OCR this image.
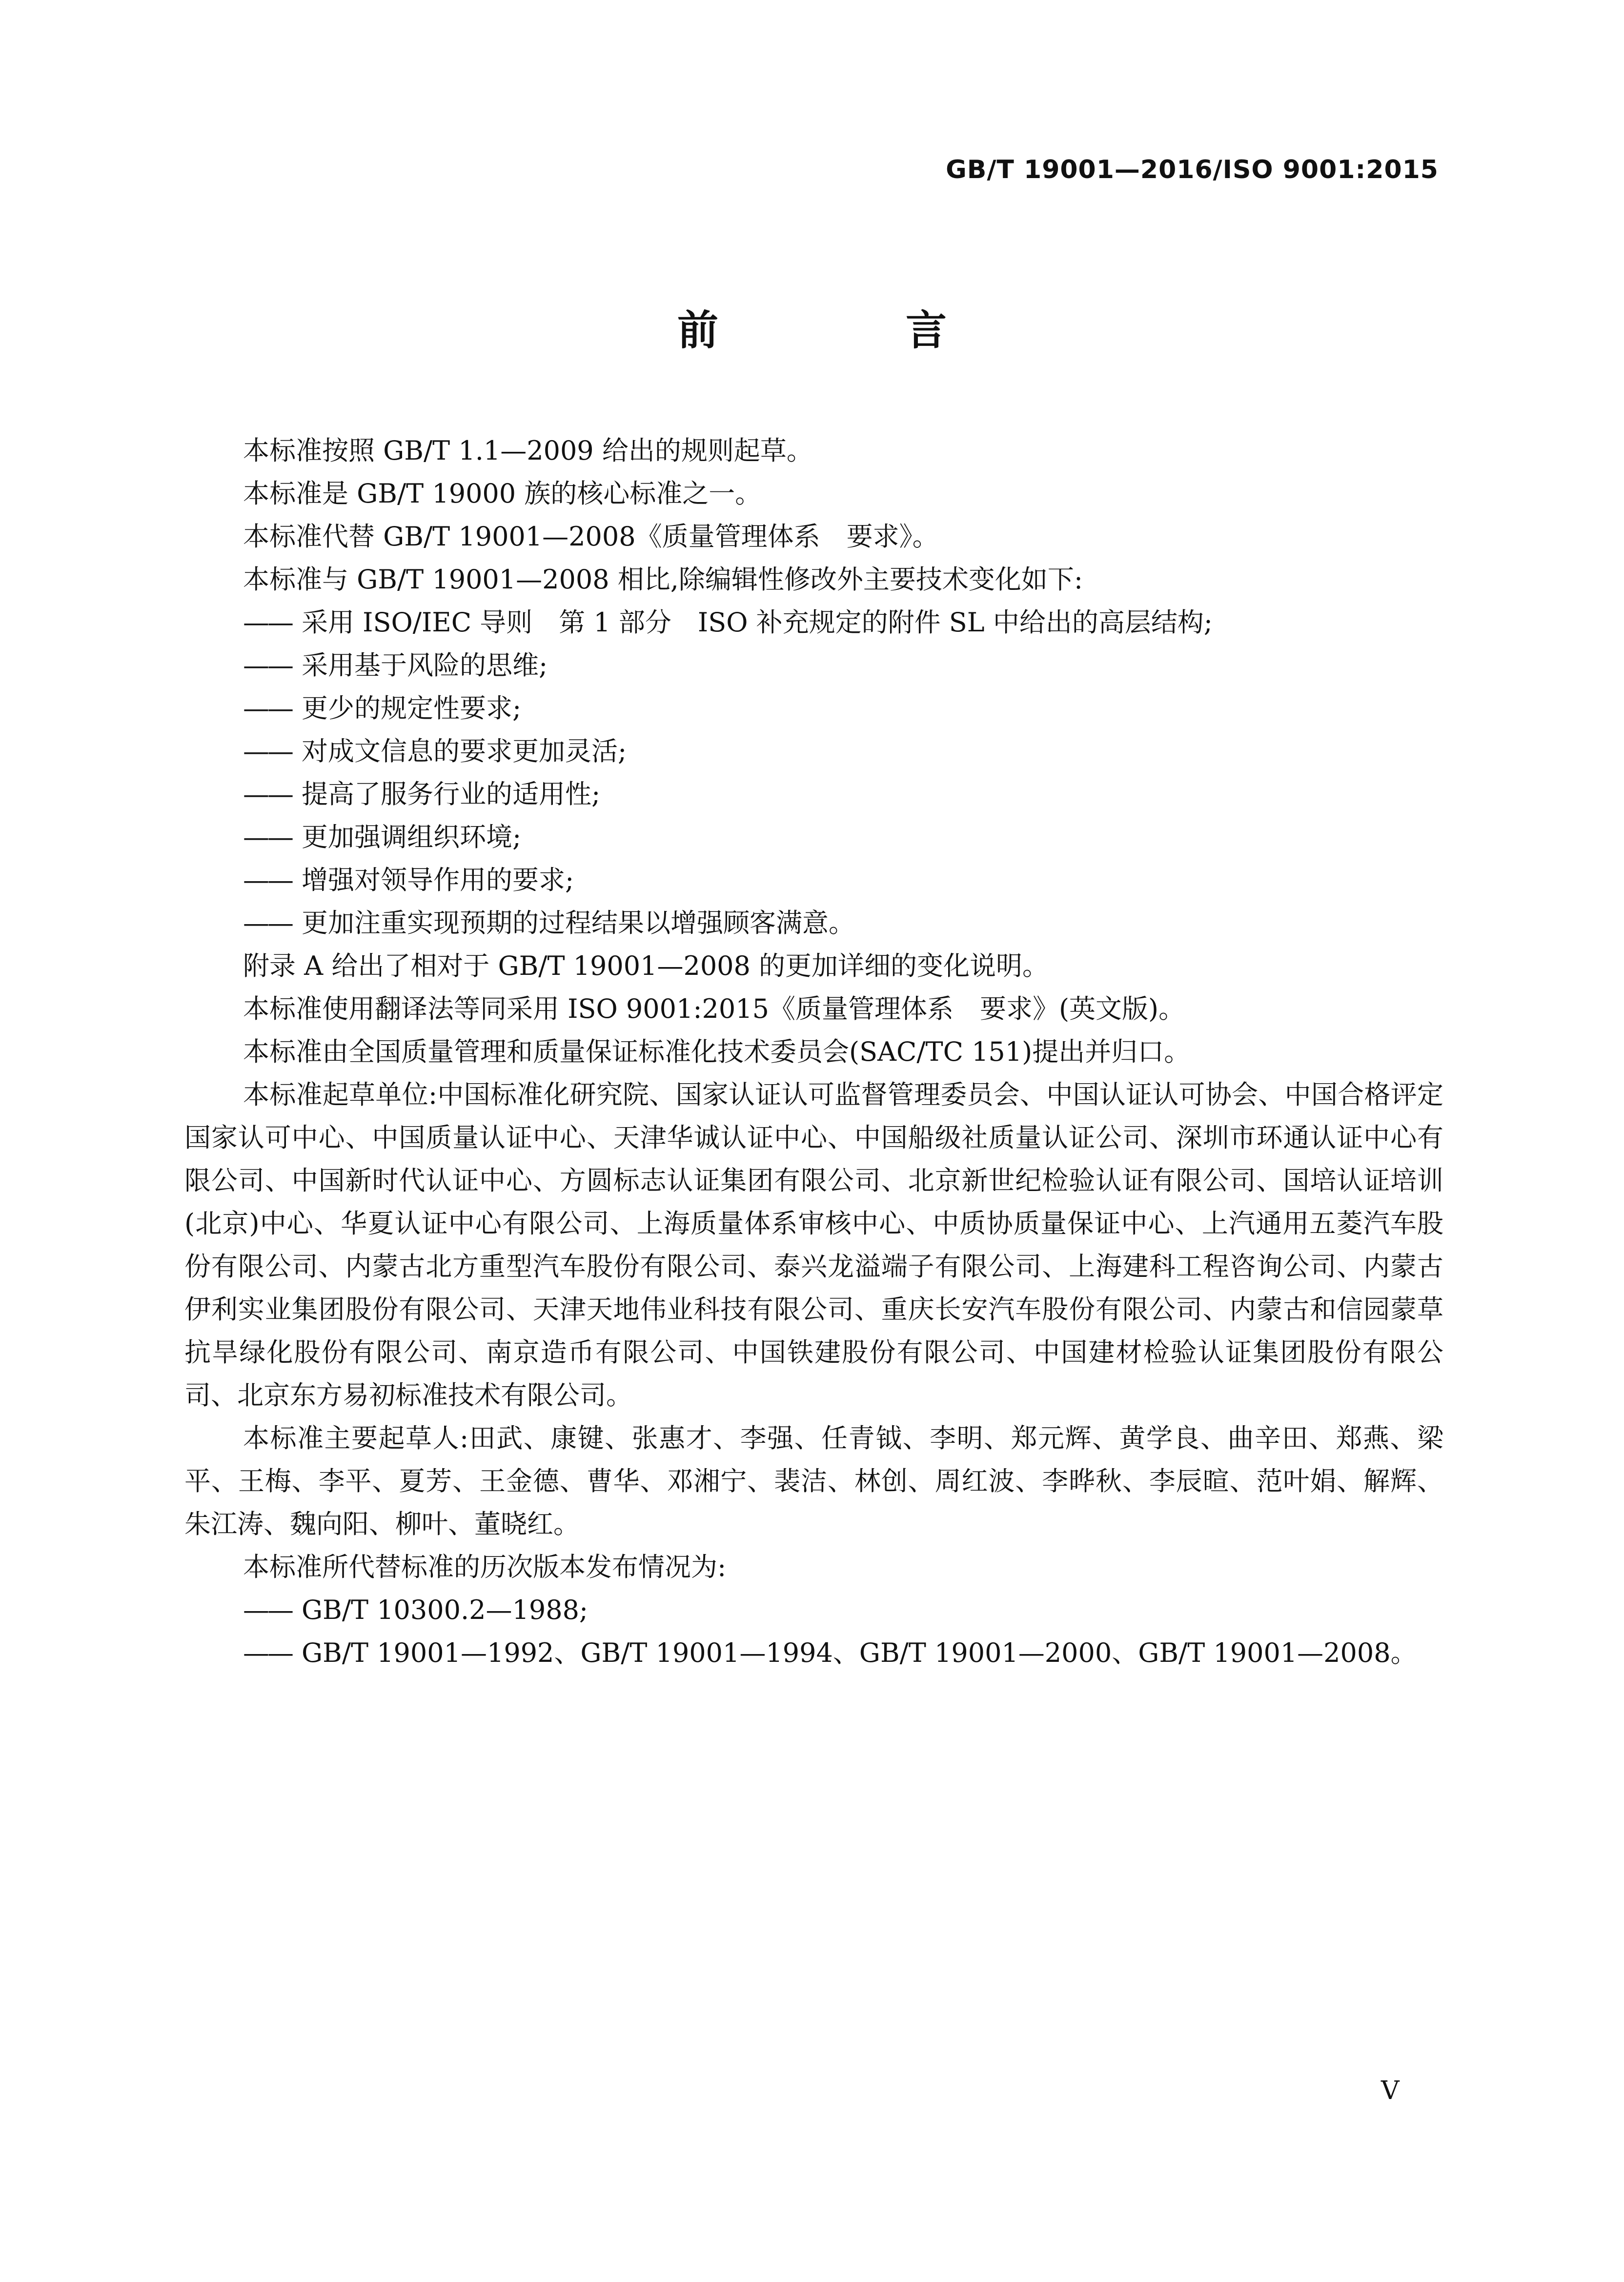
GB/T 19001—2016/ISO 9001:2015
前　言

本标准按照 GB/T 1.1—2009 给出的规则起草。

本标准是 GB/T 19000 族的核心标准之一。

本标准代替 GB/T 19001—2008《质量管理体系　要求》。

本标准与 GB/T 19001—2008 相比,除编辑性修改外主要技术变化如下:

—— 采用 ISO/IEC 导则　第 1 部分　ISO 补充规定的附件 SL 中给出的高层结构;
—— 采用基于风险的思维;
—— 更少的规定性要求;
—— 对成文信息的要求更加灵活;
—— 提高了服务行业的适用性;
—— 更加强调组织环境;
—— 增强对领导作用的要求;
—— 更加注重实现预期的过程结果以增强顾客满意。

附录 A 给出了相对于 GB/T 19001—2008 的更加详细的变化说明。

本标准使用翻译法等同采用 ISO 9001:2015《质量管理体系　要求》(英文版)。

本标准由全国质量管理和质量保证标准化技术委员会(SAC/TC 151)提出并归口。

本标准起草单位:中国标准化研究院、国家认证认可监督管理委员会、中国认证认可协会、中国合格评定国家认可中心、中国质量认证中心、天津华诚认证中心、中国船级社质量认证公司、深圳市环通认证中心有限公司、中国新时代认证中心、方圆标志认证集团有限公司、北京新世纪检验认证有限公司、国培认证培训(北京)中心、华夏认证中心有限公司、上海质量体系审核中心、中质协质量保证中心、上汽通用五菱汽车股份有限公司、内蒙古北方重型汽车股份有限公司、泰兴龙溢端子有限公司、上海建科工程咨询公司、内蒙古伊利实业集团股份有限公司、天津天地伟业科技有限公司、重庆长安汽车股份有限公司、内蒙古和信园蒙草抗旱绿化股份有限公司、南京造币有限公司、中国铁建股份有限公司、中国建材检验认证集团股份有限公司、北京东方易初标准技术有限公司。

本标准主要起草人:田武、康键、张惠才、李强、任青钺、李明、郑元辉、黄学良、曲辛田、郑燕、梁平、王梅、李平、夏芳、王金德、曹华、邓湘宁、裴洁、林创、周红波、李晔秋、李辰暄、范叶娟、解辉、朱江涛、魏向阳、柳叶、董晓红。

本标准所代替标准的历次版本发布情况为:

—— GB/T 10300.2—1988;
—— GB/T 19001—1992、GB/T 19001—1994、GB/T 19001—2000、GB/T 19001—2008。
V
